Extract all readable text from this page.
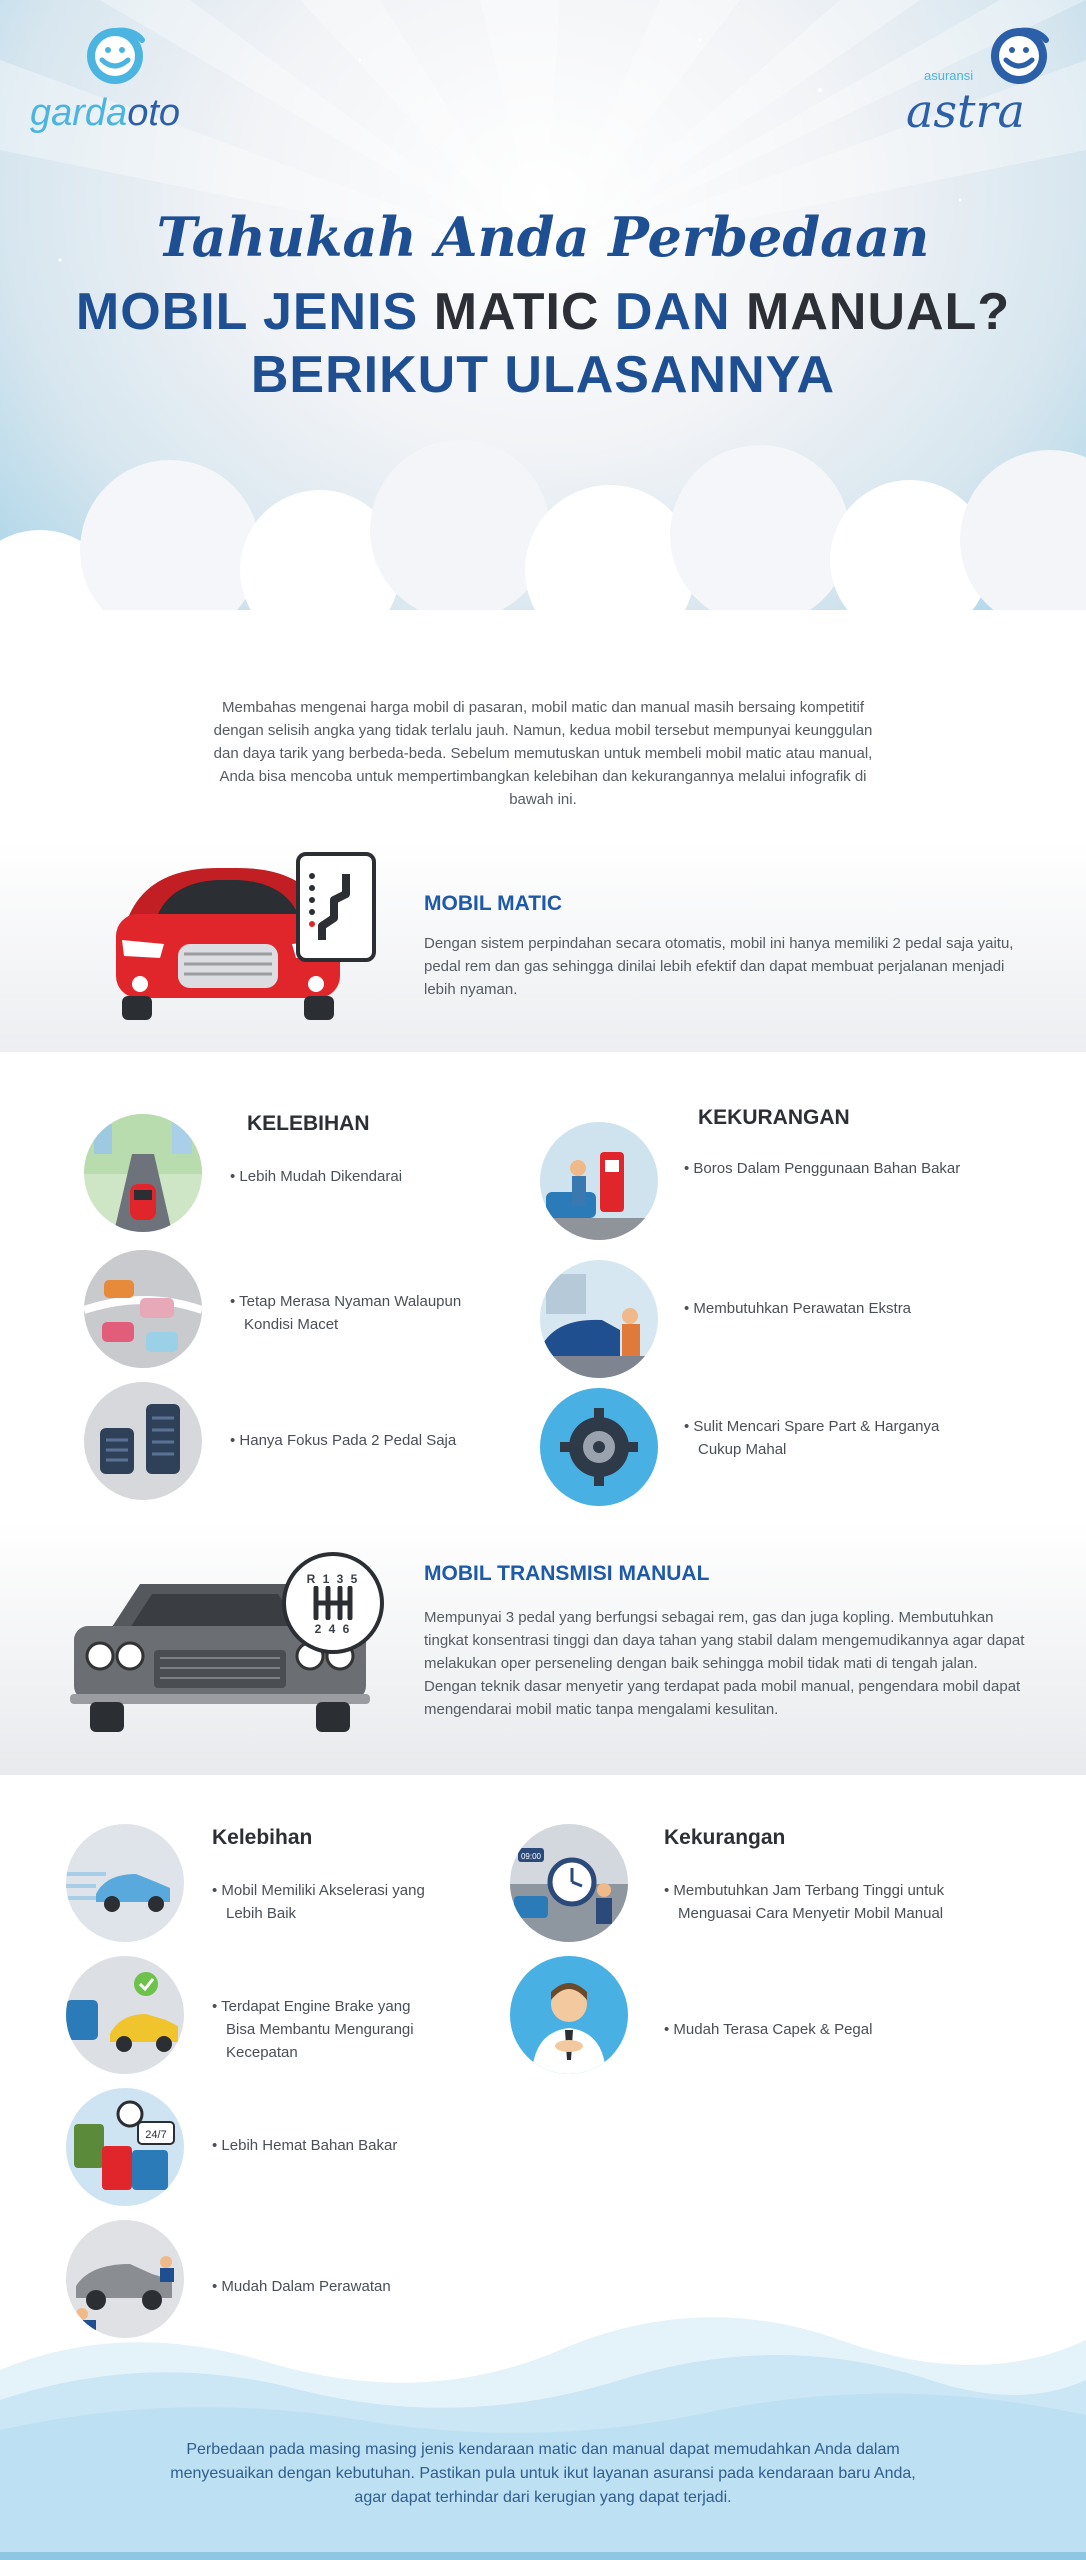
gardaoto
asuransi
astra
Tahukah Anda Perbedaan
MOBIL JENIS MATIC DAN MANUAL?
BERIKUT ULASANNYA

Membahas mengenai harga mobil di pasaran, mobil matic dan manual masih bersaing kompetitif dengan selisih angka yang tidak terlalu jauh. Namun, kedua mobil tersebut mempunyai keunggulan dan daya tarik yang berbeda-beda. Sebelum memutuskan untuk membeli mobil matic atau manual, Anda bisa mencoba untuk mempertimbangkan kelebihan dan kekurangannya melalui infografik di bawah ini.

MOBIL MATIC

Dengan sistem perpindahan secara otomatis, mobil ini hanya memiliki 2 pedal saja yaitu, pedal rem dan gas sehingga dinilai lebih efektif dan dapat membuat perjalanan menjadi lebih nyaman.

KELEBIHAN	KEKURANGAN
• Lebih Mudah Dikendarai
• Tetap Merasa Nyaman Walaupun
Kondisi Macet
• Hanya Fokus Pada 2 Pedal Saja
• Boros Dalam Penggunaan Bahan Bakar
• Membutuhkan Perawatan Ekstra
• Sulit Mencari Spare Part & Harganya
Cukup Mahal
R 1 3 5
2 4 6
MOBIL TRANSMISI MANUAL

Mempunyai 3 pedal yang berfungsi sebagai rem, gas dan juga kopling. Membutuhkan tingkat konsentrasi tinggi dan daya tahan yang stabil dalam mengemudikannya agar dapat melakukan oper perseneling dengan baik sehingga mobil tidak mati di tengah jalan. Dengan teknik dasar menyetir yang terdapat pada mobil manual, pengendara mobil dapat mengendarai mobil matic tanpa mengalami kesulitan.

Kelebihan	Kekurangan
24/7
• Mobil Memiliki Akselerasi yang
Lebih Baik
• Terdapat Engine Brake yang
Bisa Membantu Mengurangi
Kecepatan
• Lebih Hemat Bahan Bakar
• Mudah Dalam Perawatan
09:00
• Membutuhkan Jam Terbang Tinggi untuk
Menguasai Cara Menyetir Mobil Manual
• Mudah Terasa Capek & Pegal

Perbedaan pada masing masing jenis kendaraan matic dan manual dapat memudahkan Anda dalam menyesuaikan dengan kebutuhan. Pastikan pula untuk ikut layanan asuransi pada kendaraan baru Anda, agar dapat terhindar dari kerugian yang dapat terjadi.
